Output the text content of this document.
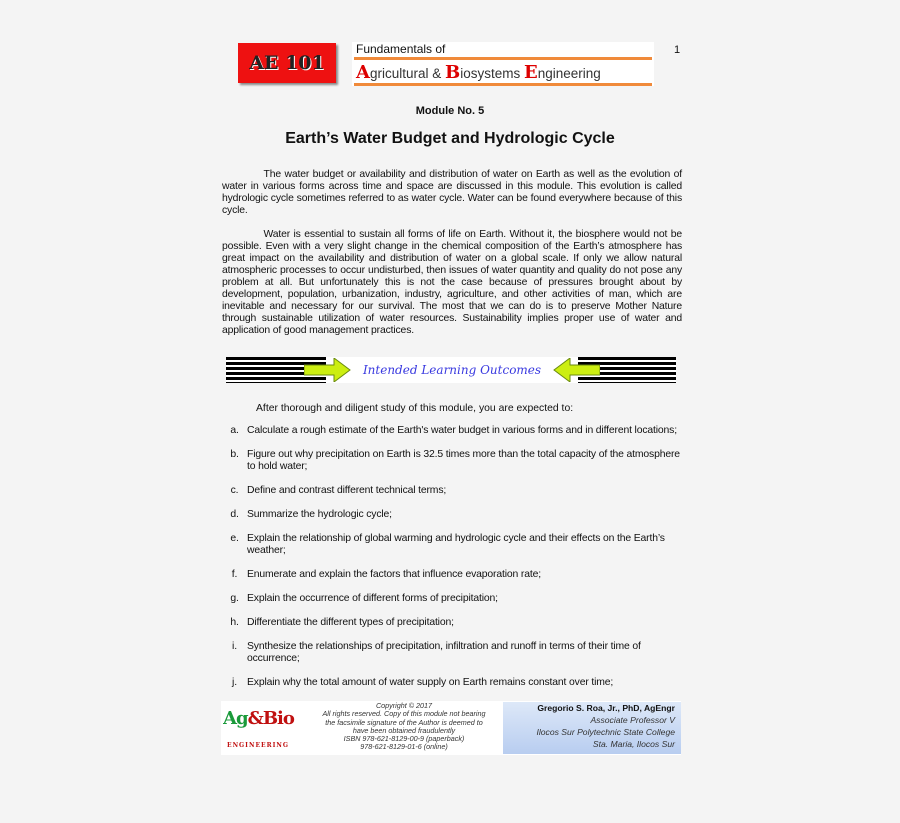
AE 101
Fundamentals of
Agricultural & Biosystems Engineering
1
Module No. 5
Earth’s Water Budget and Hydrologic Cycle
The water budget or availability and distribution of water on Earth as well as the evolution of water in various forms across time and space are discussed in this module. This evolution is called hydrologic cycle sometimes referred to as water cycle. Water can be found everywhere because of this cycle.
Water is essential to sustain all forms of life on Earth. Without it, the biosphere would not be possible. Even with a very slight change in the chemical composition of the Earth’s atmosphere has great impact on the availability and distribution of water on a global scale. If only we allow natural atmospheric processes to occur undisturbed, then issues of water quantity and quality do not pose any problem at all. But unfortunately this is not the case because of pressures brought about by development, population, urbanization, industry, agriculture, and other activities of man, which are inevitable and necessary for our survival. The most that we can do is to preserve Mother Nature through sustainable utilization of water resources. Sustainability implies proper use of water and application of good management practices.
Intended Learning Outcomes
After thorough and diligent study of this module, you are expected to:
a. Calculate a rough estimate of the Earth's water budget in various forms and in different locations;
b. Figure out why precipitation on Earth is 32.5 times more than the total capacity of the atmosphere to hold water;
c. Define and contrast different technical terms;
d. Summarize the hydrologic cycle;
e. Explain the relationship of global warming and hydrologic cycle and their effects on the Earth’s weather;
f. Enumerate and explain the factors that influence evaporation rate;
g. Explain the occurrence of different forms of precipitation;
h. Differentiate the different types of precipitation;
i. Synthesize the relationships of precipitation, infiltration and runoff in terms of their time of occurrence;
j. Explain why the total amount of water supply on Earth remains constant over time;
Ag&Bio
ENGINEERING
Copyright © 2017
All rights reserved. Copy of this module not bearing
the facsimile signature of the Author is deemed to
have been obtained fraudulently
ISBN 978-621-8129-00-9 (paperback)
978-621-8129-01-6 (online)
Gregorio S. Roa, Jr., PhD, AgEngr
Associate Professor V
Ilocos Sur Polytechnic State College
Sta. Maria, Ilocos Sur
